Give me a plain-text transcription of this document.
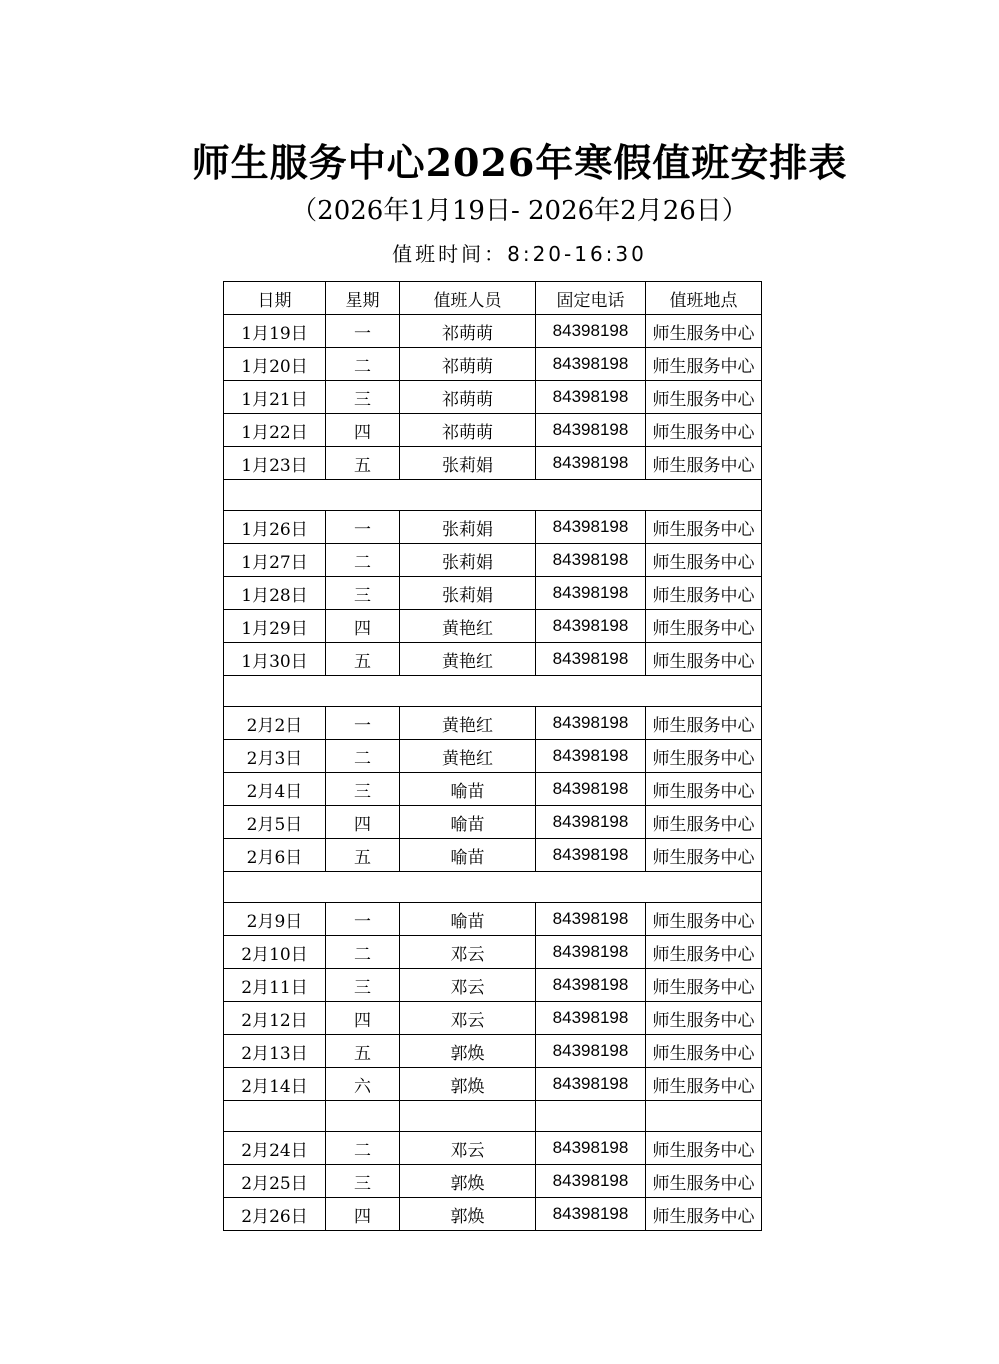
师生服务中心2026年寒假值班安排表
（2026年1月19日- 2026年2月26日）
值班时间：8:20-16:30
日期	星期	值班人员	固定电话	值班地点
1月19日	一	祁萌萌	84398198	师生服务中心
1月20日	二	祁萌萌	84398198	师生服务中心
1月21日	三	祁萌萌	84398198	师生服务中心
1月22日	四	祁萌萌	84398198	师生服务中心
1月23日	五	张莉娟	84398198	师生服务中心

1月26日	一	张莉娟	84398198	师生服务中心
1月27日	二	张莉娟	84398198	师生服务中心
1月28日	三	张莉娟	84398198	师生服务中心
1月29日	四	黄艳红	84398198	师生服务中心
1月30日	五	黄艳红	84398198	师生服务中心

2月2日	一	黄艳红	84398198	师生服务中心
2月3日	二	黄艳红	84398198	师生服务中心
2月4日	三	喻苗	84398198	师生服务中心
2月5日	四	喻苗	84398198	师生服务中心
2月6日	五	喻苗	84398198	师生服务中心

2月9日	一	喻苗	84398198	师生服务中心
2月10日	二	邓云	84398198	师生服务中心
2月11日	三	邓云	84398198	师生服务中心
2月12日	四	邓云	84398198	师生服务中心
2月13日	五	郭焕	84398198	师生服务中心
2月14日	六	郭焕	84398198	师生服务中心

2月24日	二	邓云	84398198	师生服务中心
2月25日	三	郭焕	84398198	师生服务中心
2月26日	四	郭焕	84398198	师生服务中心
